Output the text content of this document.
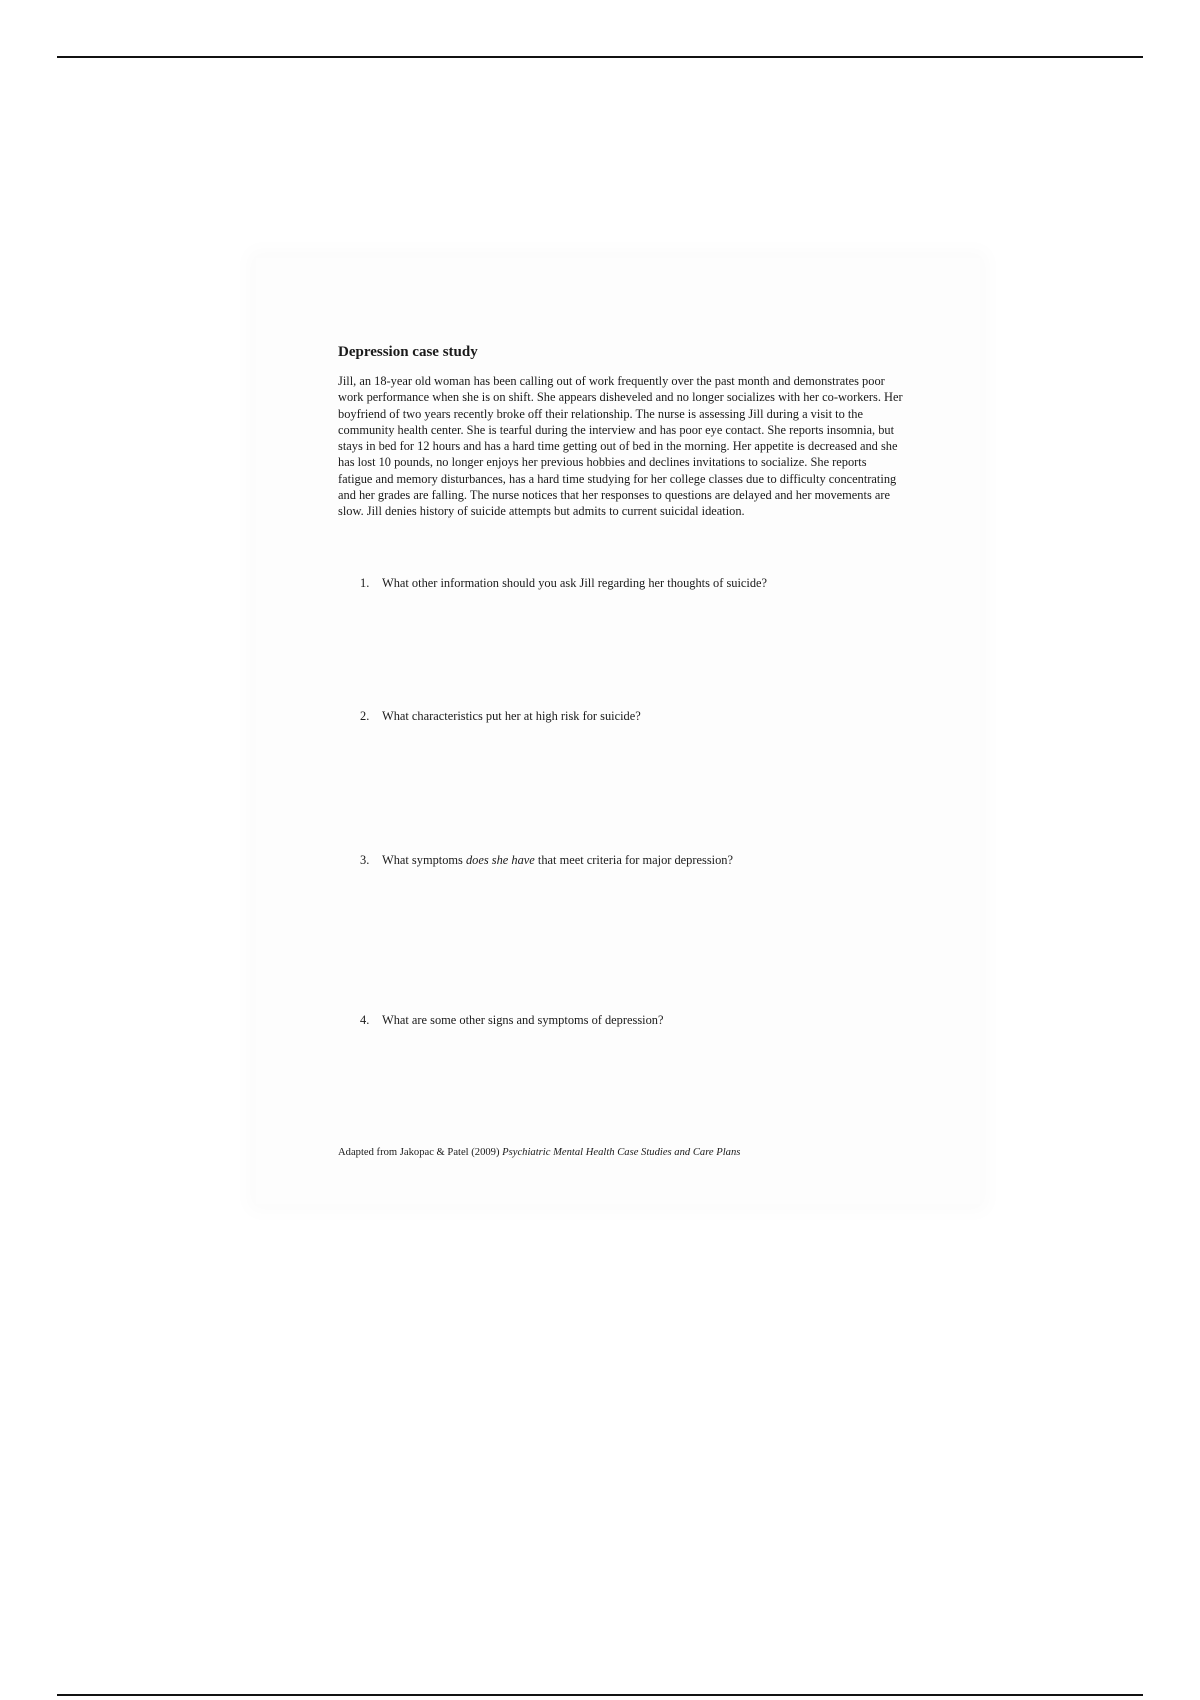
Depression case study

Jill, an 18-year old woman has been calling out of work frequently over the past month and demonstrates poor work performance when she is on shift. She appears disheveled and no longer socializes with her co-workers. Her boyfriend of two years recently broke off their relationship. The nurse is assessing Jill during a visit to the community health center. She is tearful during the interview and has poor eye contact. She reports insomnia, but stays in bed for 12 hours and has a hard time getting out of bed in the morning. Her appetite is decreased and she has lost 10 pounds, no longer enjoys her previous hobbies and declines invitations to socialize. She reports fatigue and memory disturbances, has a hard time studying for her college classes due to difficulty concentrating and her grades are falling. The nurse notices that her responses to questions are delayed and her movements are slow. Jill denies history of suicide attempts but admits to current suicidal ideation.

1. What other information should you ask Jill regarding her thoughts of suicide?
2. What characteristics put her at high risk for suicide?
3. What symptoms does she have that meet criteria for major depression?
4. What are some other signs and symptoms of depression?
Adapted from Jakopac & Patel (2009) Psychiatric Mental Health Case Studies and Care Plans
